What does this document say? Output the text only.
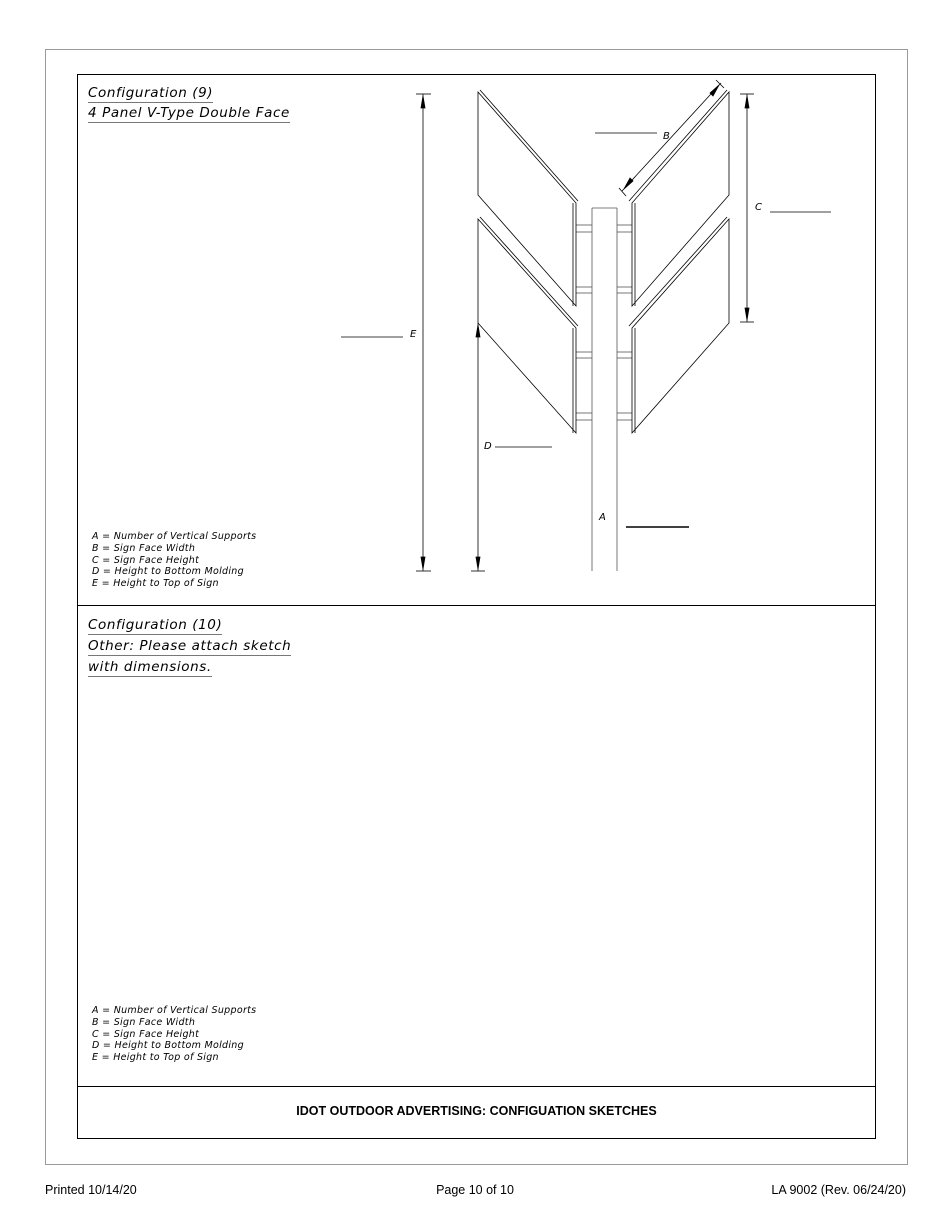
Configuration (9)
4 Panel V-Type Double Face
A = Number of Vertical Supports
B = Sign Face Width
C = Sign Face Height
D = Height to Bottom Molding
E = Height to Top of Sign
Configuration (10)
Other: Please attach sketch
with dimensions.
A = Number of Vertical Supports
B = Sign Face Width
C = Sign Face Height
D = Height to Bottom Molding
E = Height to Top of Sign
E
D
C
B
A
IDOT OUTDOOR ADVERTISING: CONFIGUATION SKETCHES
Printed 10/14/20	Page 10 of 10	LA 9002 (Rev. 06/24/20)
